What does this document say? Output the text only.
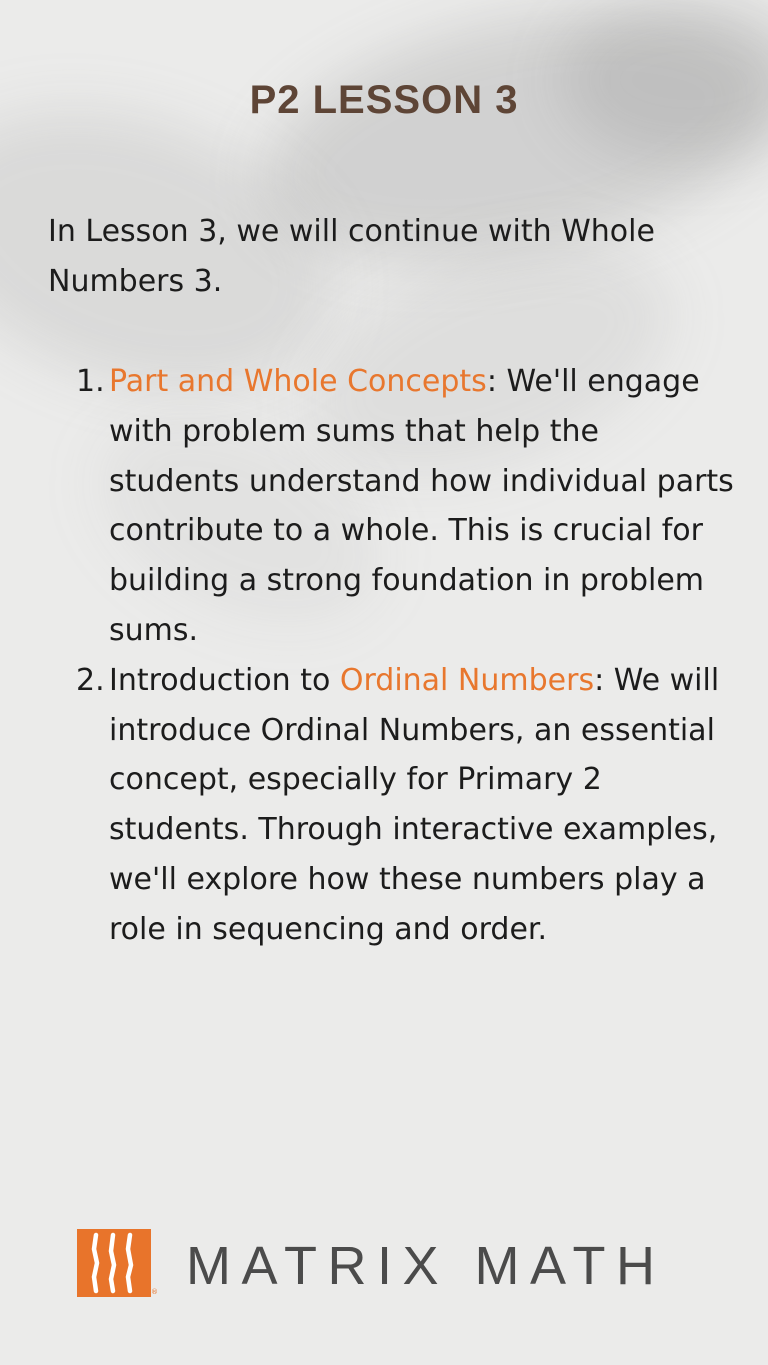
P2 LESSON 3

In Lesson 3, we will continue with Whole Numbers 3.

1. Part and Whole Concepts: We'll engage with problem sums that help the students understand how individual parts contribute to a whole. This is crucial for building a strong foundation in problem sums.
2. Introduction to Ordinal Numbers: We will introduce Ordinal Numbers, an essential concept, especially for Primary 2 students. Through interactive examples, we'll explore how these numbers play a role in sequencing and order.
® MATRIX MATH
